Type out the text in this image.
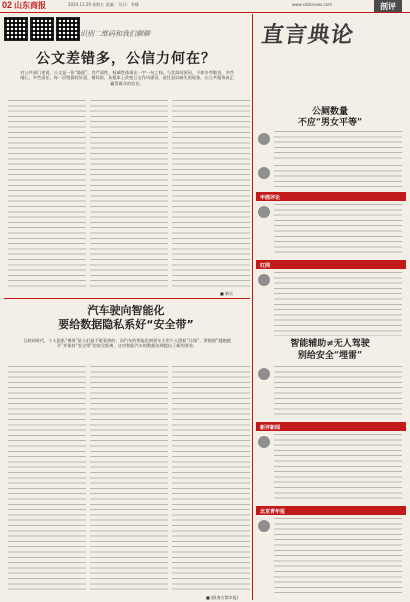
02 山东商报	2024.11.29 星期五 责编： 设计：李娜	www.sdsbnews.com	剖评
识别二维码和我们聊聊
公文差错多，公信力何在？
对公共部门来说，公文是一张“脸面”，其严肃性、权威性体现在一字一句之间。与其纠结原因，不如多些敬畏，多些细心，多些责任，每一层级都较好责，堵好防，从根本上改变公文作风建设，责任意识缺失的现象，让公共服务真正赢得群众的信任。
■ 新京
汽车驶向智能化
要给数据隐私系好“安全带”
互联网时代，个人隐私“裸奔”是人们最不愿看到的；而汽车的智能化则要车主用个人隐私“让路”，要数据“越跑越开”并保持“安全带”的安全距离，这对智能汽车的数据治理提出了新的要求。
■ 邵(商方都市报)
直言典论
公厕数量
不应“男女平等”
申画评论
红网
智能辅助≠无人驾驶
别给安全“埋雷”
新评新闻
北京青年报
